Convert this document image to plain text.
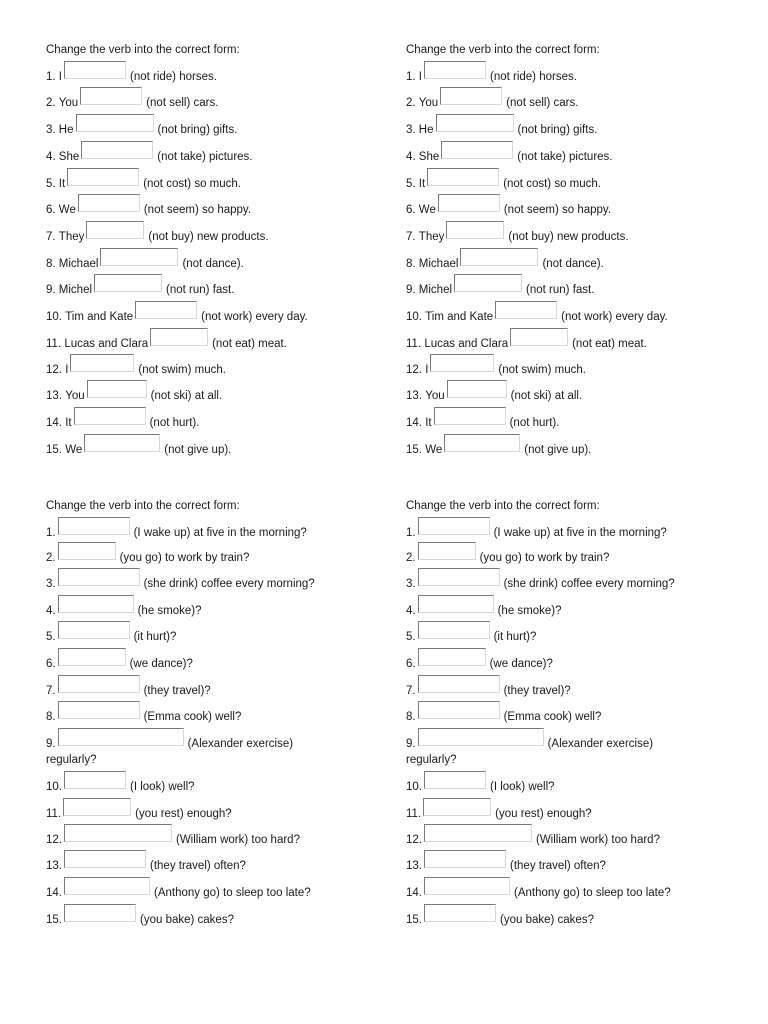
Change the verb into the correct form:
1. I	(not ride) horses.
2. You	(not sell) cars.
3. He	(not bring) gifts.
4. She	(not take) pictures.
5. It	(not cost) so much.
6. We	(not seem) so happy.
7. They	(not buy) new products.
8. Michael	(not dance).
9. Michel	(not run) fast.
10. Tim and Kate	(not work) every day.
11. Lucas and Clara	(not eat) meat.
12. I	(not swim) much.
13. You	(not ski) at all.
14. It	(not hurt).
15. We	(not give up).
Change the verb into the correct form:
1. I	(not ride) horses.
2. You	(not sell) cars.
3. He	(not bring) gifts.
4. She	(not take) pictures.
5. It	(not cost) so much.
6. We	(not seem) so happy.
7. They	(not buy) new products.
8. Michael	(not dance).
9. Michel	(not run) fast.
10. Tim and Kate	(not work) every day.
11. Lucas and Clara	(not eat) meat.
12. I	(not swim) much.
13. You	(not ski) at all.
14. It	(not hurt).
15. We	(not give up).
Change the verb into the correct form:
1.	(I wake up) at five in the morning?
2.	(you go) to work by train?
3.	(she drink) coffee every morning?
4.	(he smoke)?
5.	(it hurt)?
6.	(we dance)?
7.	(they travel)?
8.	(Emma cook) well?
9.	(Alexander exercise)
regularly?
10.	(I look) well?
11.	(you rest) enough?
12.	(William work) too hard?
13.	(they travel) often?
14.	(Anthony go) to sleep too late?
15.	(you bake) cakes?
Change the verb into the correct form:
1.	(I wake up) at five in the morning?
2.	(you go) to work by train?
3.	(she drink) coffee every morning?
4.	(he smoke)?
5.	(it hurt)?
6.	(we dance)?
7.	(they travel)?
8.	(Emma cook) well?
9.	(Alexander exercise)
regularly?
10.	(I look) well?
11.	(you rest) enough?
12.	(William work) too hard?
13.	(they travel) often?
14.	(Anthony go) to sleep too late?
15.	(you bake) cakes?
